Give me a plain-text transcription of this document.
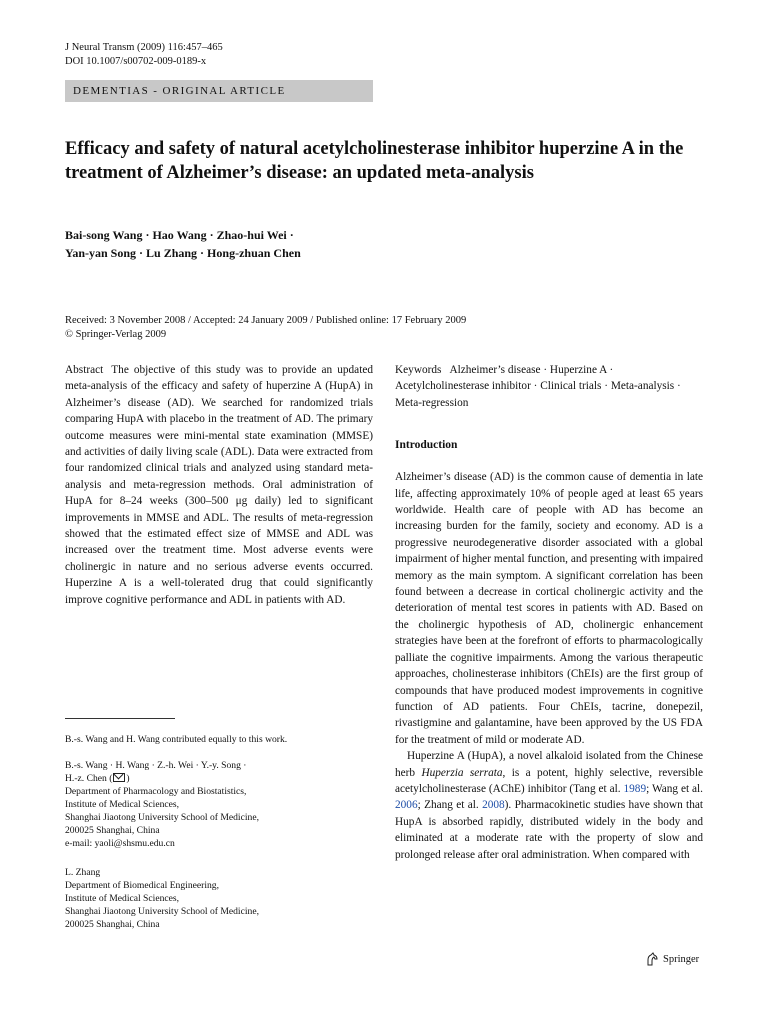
J Neural Transm (2009) 116:457–465
DOI 10.1007/s00702-009-0189-x
DEMENTIAS - ORIGINAL ARTICLE
Efficacy and safety of natural acetylcholinesterase inhibitor huperzine A in the treatment of Alzheimer’s disease: an updated meta-analysis
Bai-song Wang · Hao Wang · Zhao-hui Wei ·
Yan-yan Song · Lu Zhang · Hong-zhuan Chen
Received: 3 November 2008 / Accepted: 24 January 2009 / Published online: 17 February 2009
© Springer-Verlag 2009

Abstract The objective of this study was to provide an updated meta-analysis of the efficacy and safety of huperzine A (HupA) in Alzheimer’s disease (AD). We searched for randomized trials comparing HupA with placebo in the treatment of AD. The primary outcome measures were mini-mental state examination (MMSE) and activities of daily living scale (ADL). Data were extracted from four randomized clinical trials and analyzed using standard meta-analysis and meta-regression methods. Oral administration of HupA for 8–24 weeks (300–500 μg daily) led to significant improvements in MMSE and ADL. The results of meta-regression showed that the estimated effect size of MMSE and ADL was increased over the treatment time. Most adverse events were cholinergic in nature and no serious adverse events occurred. Huperzine A is a well-tolerated drug that could significantly improve cognitive performance and ADL in patients with AD.

B.-s. Wang and H. Wang contributed equally to this work.
B.-s. Wang · H. Wang · Z.-h. Wei · Y.-y. Song ·
H.-z. Chen ( )
Department of Pharmacology and Biostatistics,
Institute of Medical Sciences,
Shanghai Jiaotong University School of Medicine,
200025 Shanghai, China
e-mail: yaoli@shsmu.edu.cn
L. Zhang
Department of Biomedical Engineering,
Institute of Medical Sciences,
Shanghai Jiaotong University School of Medicine,
200025 Shanghai, China

Keywords Alzheimer’s disease · Huperzine A · Acetylcholinesterase inhibitor · Clinical trials · Meta-analysis · Meta-regression

Introduction

Alzheimer’s disease (AD) is the common cause of dementia in late life, affecting approximately 10% of people aged at least 65 years worldwide. Health care of people with AD has become an increasing burden for the family, society and economy. AD is a progressive neurodegenerative disorder associated with a global impairment of higher mental function, and presenting with impaired memory as the main symptom. A significant correlation has been found between a decrease in cortical cholinergic activity and the deterioration of mental test scores in patients with AD. Based on the cholinergic hypothesis of AD, cholinergic enhancement strategies have been at the forefront of efforts to pharmacologically palliate the cognitive impairments. Among the various therapeutic approaches, cholinesterase inhibitors (ChEIs) are the first group of compounds that have produced modest improvements in cognitive function of AD patients. Four ChEIs, tacrine, donepezil, rivastigmine and galantamine, have been approved by the US FDA for the treatment of mild or moderate AD.

Huperzine A (HupA), a novel alkaloid isolated from the Chinese herb Huperzia serrata, is a potent, highly selective, reversible acetylcholinesterase (AChE) inhibitor (Tang et al. 1989; Wang et al. 2006; Zhang et al. 2008). Pharmacokinetic studies have shown that HupA is absorbed rapidly, distributed widely in the body and eliminated at a moderate rate with the property of slow and prolonged release after oral administration. When compared with

Springer
